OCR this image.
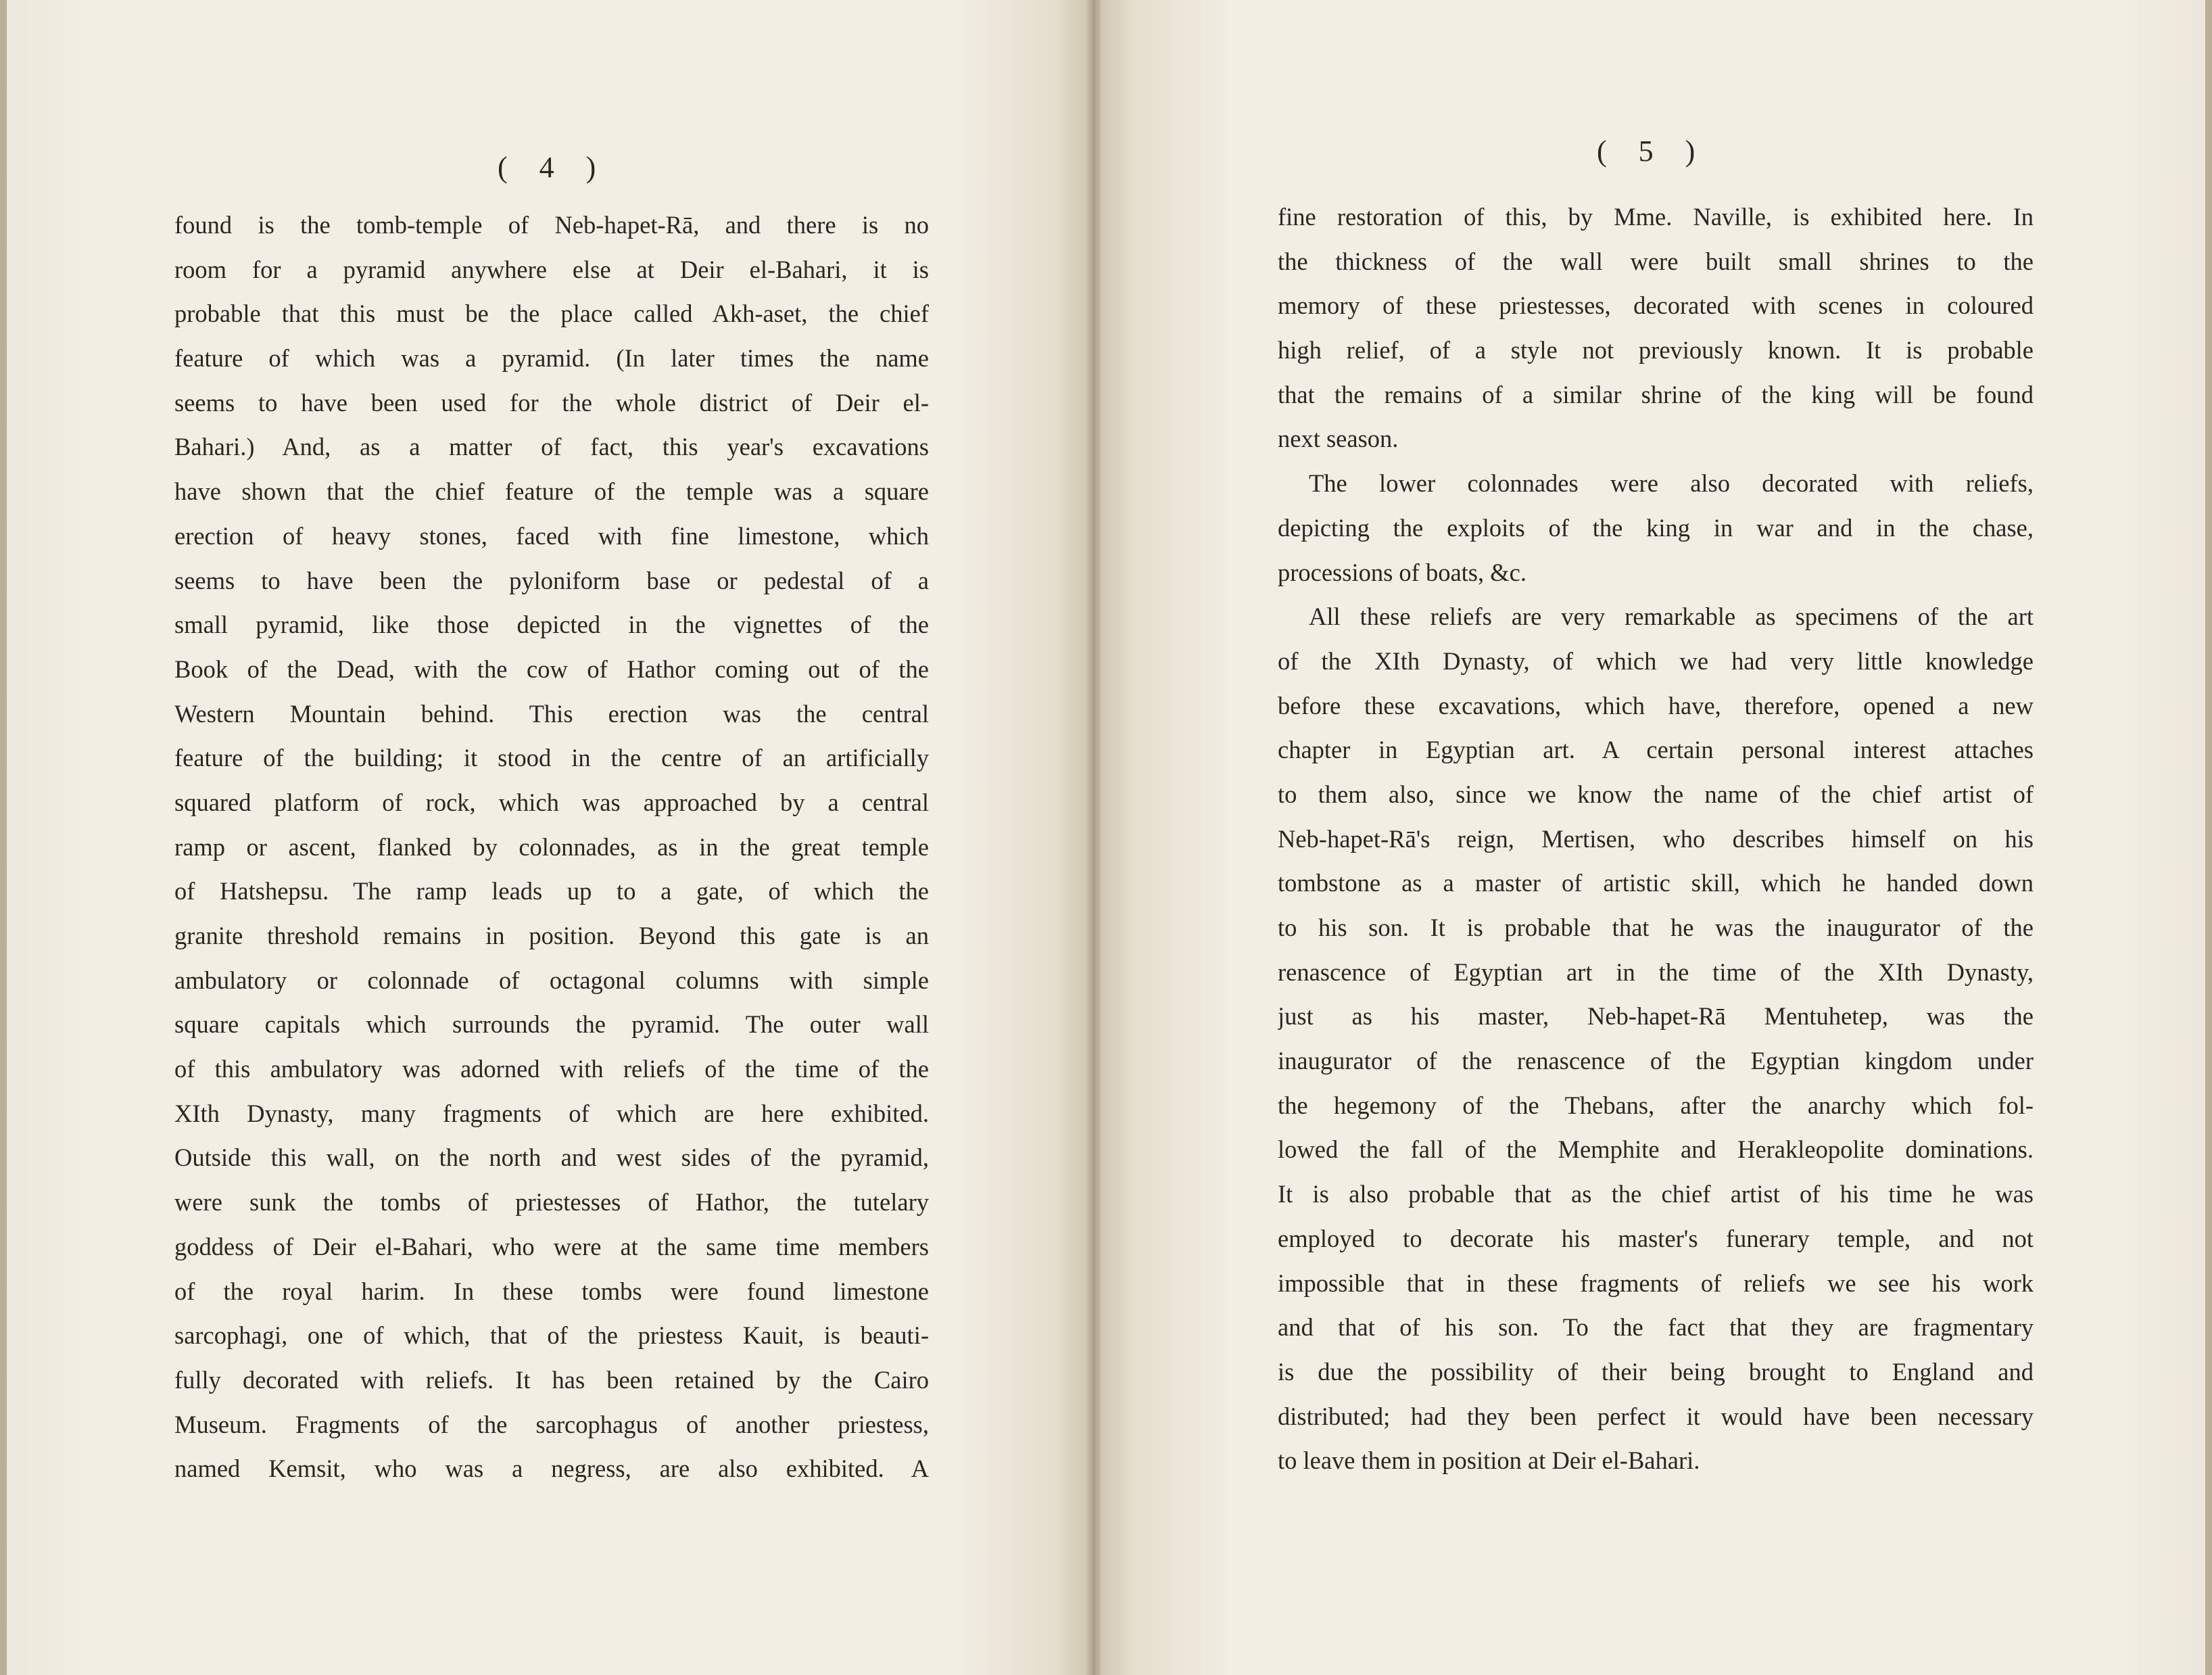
( 4 )
found is the tomb-temple of Neb-hapet-Rā, and there is no
room for a pyramid anywhere else at Deir el-Bahari, it is
probable that this must be the place called Akh-aset, the chief
feature of which was a pyramid. (In later times the name
seems to have been used for the whole district of Deir el-
Bahari.) And, as a matter of fact, this year's excavations
have shown that the chief feature of the temple was a square
erection of heavy stones, faced with fine limestone, which
seems to have been the pyloniform base or pedestal of a
small pyramid, like those depicted in the vignettes of the
Book of the Dead, with the cow of Hathor coming out of the
Western Mountain behind. This erection was the central
feature of the building; it stood in the centre of an artificially
squared platform of rock, which was approached by a central
ramp or ascent, flanked by colonnades, as in the great temple
of Hatshepsu. The ramp leads up to a gate, of which the
granite threshold remains in position. Beyond this gate is an
ambulatory or colonnade of octagonal columns with simple
square capitals which surrounds the pyramid. The outer wall
of this ambulatory was adorned with reliefs of the time of the
XIth Dynasty, many fragments of which are here exhibited.
Outside this wall, on the north and west sides of the pyramid,
were sunk the tombs of priestesses of Hathor, the tutelary
goddess of Deir el-Bahari, who were at the same time members
of the royal harim. In these tombs were found limestone
sarcophagi, one of which, that of the priestess Kauit, is beauti-
fully decorated with reliefs. It has been retained by the Cairo
Museum. Fragments of the sarcophagus of another priestess,
named Kemsit, who was a negress, are also exhibited. A
( 5 )
fine restoration of this, by Mme. Naville, is exhibited here. In
the thickness of the wall were built small shrines to the
memory of these priestesses, decorated with scenes in coloured
high relief, of a style not previously known. It is probable
that the remains of a similar shrine of the king will be found
next season.
The lower colonnades were also decorated with reliefs,
depicting the exploits of the king in war and in the chase,
processions of boats, &c.
All these reliefs are very remarkable as specimens of the art
of the XIth Dynasty, of which we had very little knowledge
before these excavations, which have, therefore, opened a new
chapter in Egyptian art. A certain personal interest attaches
to them also, since we know the name of the chief artist of
Neb-hapet-Rā's reign, Mertisen, who describes himself on his
tombstone as a master of artistic skill, which he handed down
to his son. It is probable that he was the inaugurator of the
renascence of Egyptian art in the time of the XIth Dynasty,
just as his master, Neb-hapet-Rā Mentuhetep, was the
inaugurator of the renascence of the Egyptian kingdom under
the hegemony of the Thebans, after the anarchy which fol-
lowed the fall of the Memphite and Herakleopolite dominations.
It is also probable that as the chief artist of his time he was
employed to decorate his master's funerary temple, and not
impossible that in these fragments of reliefs we see his work
and that of his son. To the fact that they are fragmentary
is due the possibility of their being brought to England and
distributed; had they been perfect it would have been necessary
to leave them in position at Deir el-Bahari.
